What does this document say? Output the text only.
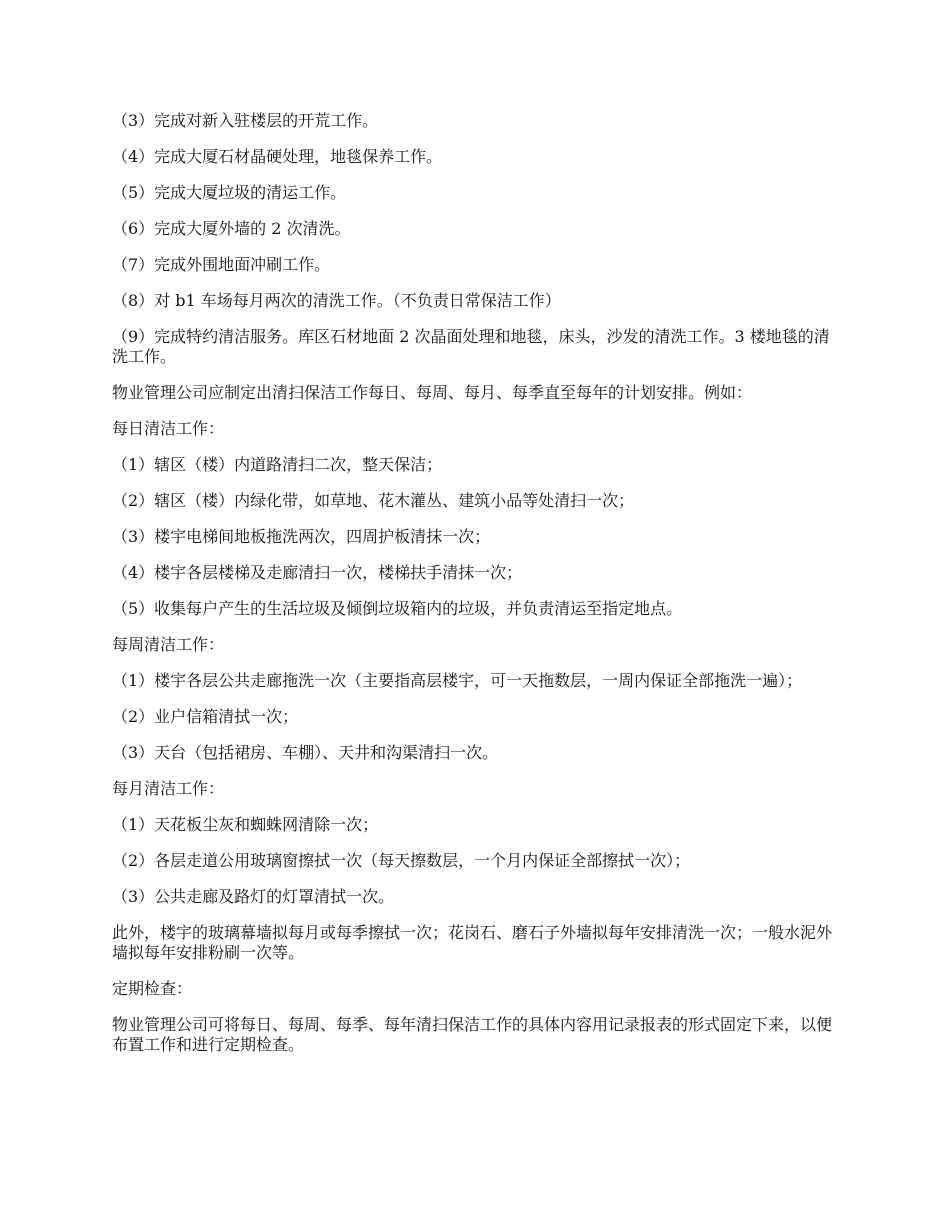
（3）完成对新入驻楼层的开荒工作。

（4）完成大厦石材晶硬处理，地毯保养工作。

（5）完成大厦垃圾的清运工作。

（6）完成大厦外墙的 2 次清洗。

（7）完成外围地面冲刷工作。

（8）对 b1 车场每月两次的清洗工作。（不负责日常保洁工作）

（9）完成特约清洁服务。库区石材地面 2 次晶面处理和地毯，床头，沙发的清洗工作。3 楼地毯的清洗工作。

物业管理公司应制定出清扫保洁工作每日、每周、每月、每季直至每年的计划安排。例如：

每日清洁工作：

（1）辖区（楼）内道路清扫二次，整天保洁；

（2）辖区（楼）内绿化带，如草地、花木灌丛、建筑小品等处清扫一次；

（3）楼宇电梯间地板拖洗两次，四周护板清抹一次；

（4）楼宇各层楼梯及走廊清扫一次，楼梯扶手清抹一次；

（5）收集每户产生的生活垃圾及倾倒垃圾箱内的垃圾，并负责清运至指定地点。

每周清洁工作：

（1）楼宇各层公共走廊拖洗一次（主要指高层楼宇，可一天拖数层，一周内保证全部拖洗一遍）；

（2）业户信箱清拭一次；

（3）天台（包括裙房、车棚）、天井和沟渠清扫一次。

每月清洁工作：

（1）天花板尘灰和蜘蛛网清除一次；

（2）各层走道公用玻璃窗擦拭一次（每天擦数层，一个月内保证全部擦拭一次）；

（3）公共走廊及路灯的灯罩清拭一次。

此外，楼宇的玻璃幕墙拟每月或每季擦拭一次；花岗石、磨石子外墙拟每年安排清洗一次；一般水泥外墙拟每年安排粉刷一次等。

定期检查：

物业管理公司可将每日、每周、每季、每年清扫保洁工作的具体内容用记录报表的形式固定下来，以便布置工作和进行定期检查。
